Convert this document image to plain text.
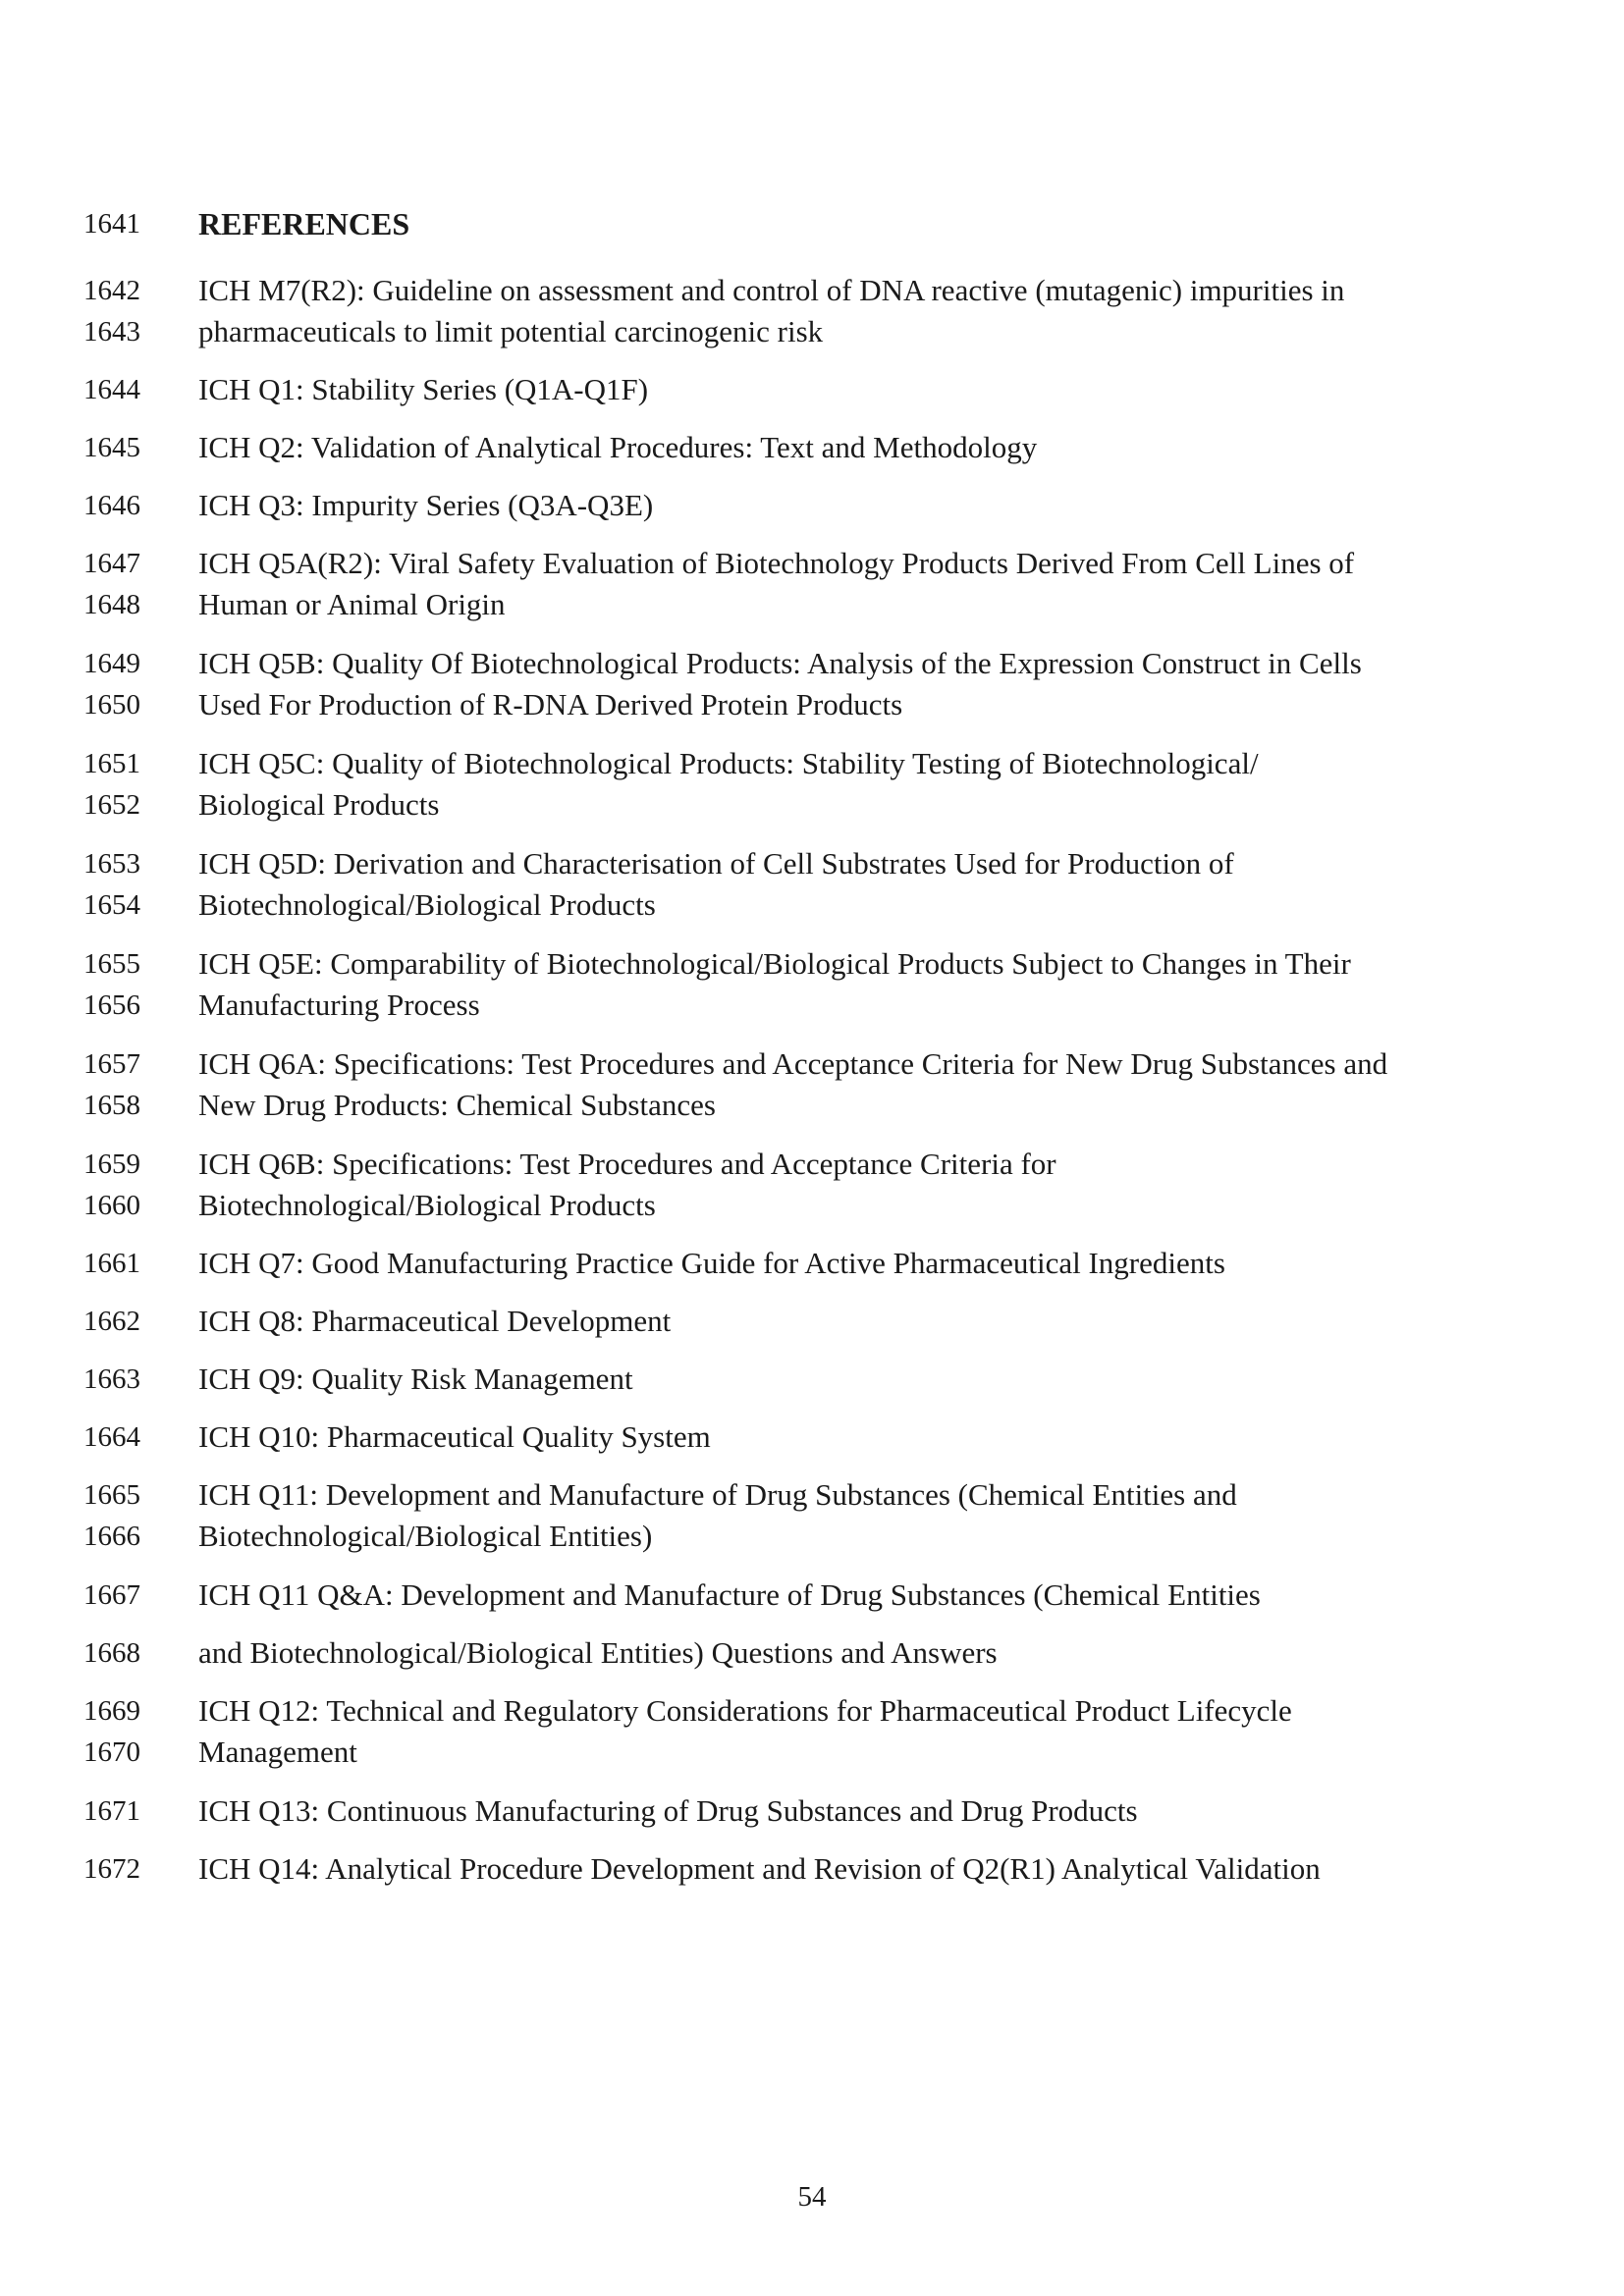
1641 REFERENCES
1642 ICH M7(R2): Guideline on assessment and control of DNA reactive (mutagenic) impurities in
1643 pharmaceuticals to limit potential carcinogenic risk
1644 ICH Q1: Stability Series (Q1A-Q1F)
1645 ICH Q2: Validation of Analytical Procedures: Text and Methodology
1646 ICH Q3: Impurity Series (Q3A-Q3E)
1647 ICH Q5A(R2): Viral Safety Evaluation of Biotechnology Products Derived From Cell Lines of
1648 Human or Animal Origin
1649 ICH Q5B: Quality Of Biotechnological Products: Analysis of the Expression Construct in Cells
1650 Used For Production of R-DNA Derived Protein Products
1651 ICH Q5C: Quality of Biotechnological Products: Stability Testing of Biotechnological/
1652 Biological Products
1653 ICH Q5D: Derivation and Characterisation of Cell Substrates Used for Production of
1654 Biotechnological/Biological Products
1655 ICH Q5E: Comparability of Biotechnological/Biological Products Subject to Changes in Their
1656 Manufacturing Process
1657 ICH Q6A: Specifications: Test Procedures and Acceptance Criteria for New Drug Substances and
1658 New Drug Products: Chemical Substances
1659 ICH Q6B: Specifications: Test Procedures and Acceptance Criteria for
1660 Biotechnological/Biological Products
1661 ICH Q7: Good Manufacturing Practice Guide for Active Pharmaceutical Ingredients
1662 ICH Q8: Pharmaceutical Development
1663 ICH Q9: Quality Risk Management
1664 ICH Q10: Pharmaceutical Quality System
1665 ICH Q11: Development and Manufacture of Drug Substances (Chemical Entities and
1666 Biotechnological/Biological Entities)
1667 ICH Q11 Q&A: Development and Manufacture of Drug Substances (Chemical Entities
1668 and Biotechnological/Biological Entities) Questions and Answers
1669 ICH Q12: Technical and Regulatory Considerations for Pharmaceutical Product Lifecycle
1670 Management
1671 ICH Q13: Continuous Manufacturing of Drug Substances and Drug Products
1672 ICH Q14: Analytical Procedure Development and Revision of Q2(R1) Analytical Validation
54
